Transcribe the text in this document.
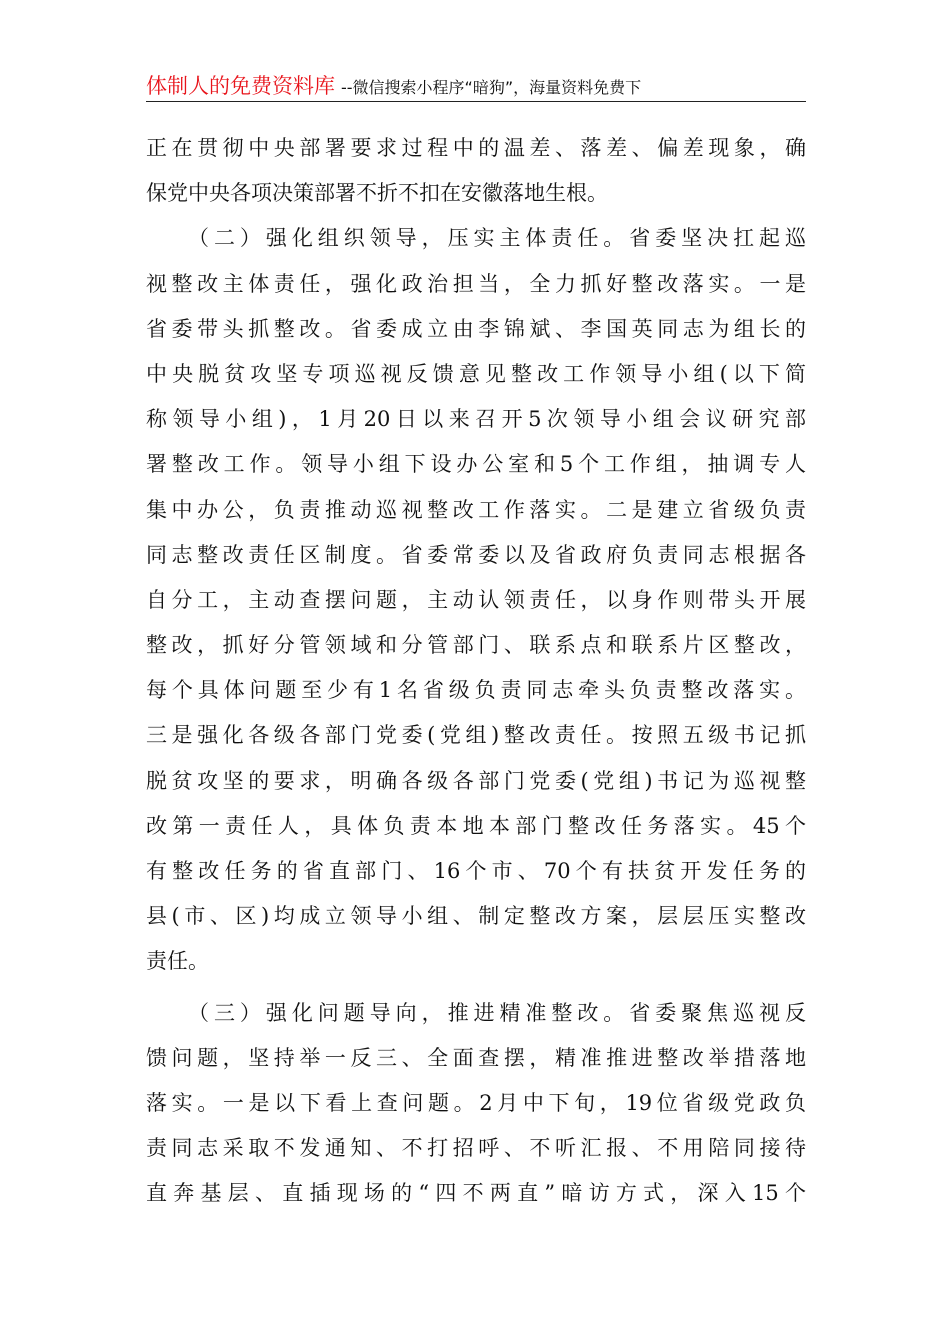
体制人的免费资料库 --微信搜索小程序“暗狗”，海量资料免费下
正在贯彻中央部署要求过程中的温差、落差、偏差现象，确
保党中央各项决策部署不折不扣在安徽落地生根。
（二）强化组织领导，压实主体责任。省委坚决扛起巡
视整改主体责任，强化政治担当，全力抓好整改落实。一是
省委带头抓整改。省委成立由李锦斌、李国英同志为组长的
中央脱贫攻坚专项巡视反馈意见整改工作领导小组(以下简
称领导小组)，1月20日以来召开5次领导小组会议研究部
署整改工作。领导小组下设办公室和5个工作组，抽调专人
集中办公，负责推动巡视整改工作落实。二是建立省级负责
同志整改责任区制度。省委常委以及省政府负责同志根据各
自分工，主动查摆问题，主动认领责任，以身作则带头开展
整改，抓好分管领域和分管部门、联系点和联系片区整改，
每个具体问题至少有1名省级负责同志牵头负责整改落实。
三是强化各级各部门党委(党组)整改责任。按照五级书记抓
脱贫攻坚的要求，明确各级各部门党委(党组)书记为巡视整
改第一责任人，具体负责本地本部门整改任务落实。45个
有整改任务的省直部门、16个市、70个有扶贫开发任务的
县(市、区)均成立领导小组、制定整改方案，层层压实整改
责任。
（三）强化问题导向，推进精准整改。省委聚焦巡视反
馈问题，坚持举一反三、全面查摆，精准推进整改举措落地
落实。一是以下看上查问题。2月中下旬，19位省级党政负
责同志采取不发通知、不打招呼、不听汇报、不用陪同接待
直奔基层、直插现场的“四不两直”暗访方式，深入15个
